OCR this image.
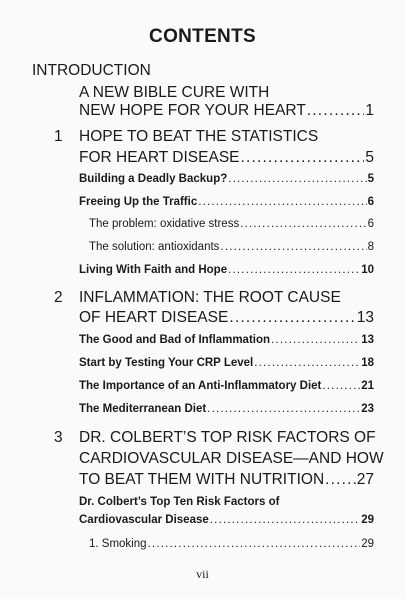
CONTENTS
INTRODUCTION
A NEW BIBLE CURE WITH
NEW HOPE FOR YOUR HEART .....	1
1 HOPE TO BEAT THE STATISTICS
FOR HEART DISEASE .....	5
Building a Deadly Backup? .....	5
Freeing Up the Traffic .....	6
The problem: oxidative stress .....	6
The solution: antioxidants .....	8
Living With Faith and Hope .....	10
2 INFLAMMATION: THE ROOT CAUSE
OF HEART DISEASE .....	13
The Good and Bad of Inflammation .....	13
Start by Testing Your CRP Level .....	18
The Importance of an Anti-Inflammatory Diet .....	21
The Mediterranean Diet .....	23
3 DR. COLBERT’S TOP RISK FACTORS OF
CARDIOVASCULAR DISEASE—AND HOW
TO BEAT THEM WITH NUTRITION ..... 27
Dr. Colbert’s Top Ten Risk Factors of
Cardiovascular Disease .....	29
1. Smoking .....	29
vii
